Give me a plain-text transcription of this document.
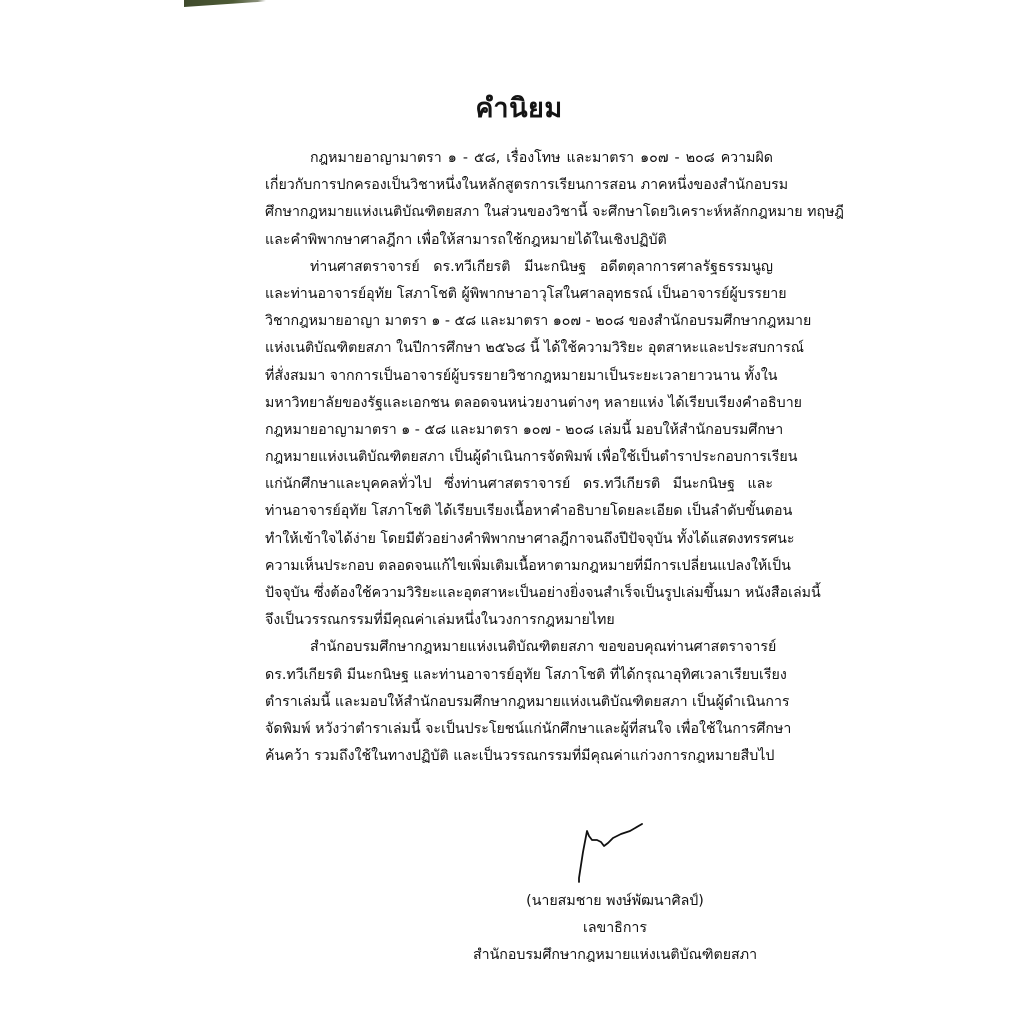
คำนิยม
กฎหมายอาญามาตรา ๑ - ๕๘, เรื่องโทษ และมาตรา ๑๐๗ - ๒๐๘ ความผิด
เกี่ยวกับการปกครองเป็นวิชาหนึ่งในหลักสูตรการเรียนการสอน ภาคหนึ่งของสำนักอบรม
ศึกษากฎหมายแห่งเนติบัณฑิตยสภา ในส่วนของวิชานี้ จะศึกษาโดยวิเคราะห์หลักกฎหมาย ทฤษฎี
และคำพิพากษาศาลฎีกา เพื่อให้สามารถใช้กฎหมายได้ในเชิงปฏิบัติ
ท่านศาสตราจารย์ ดร.ทวีเกียรติ มีนะกนิษฐ อดีตตุลาการศาลรัฐธรรมนูญ
และท่านอาจารย์อุทัย โสภาโชติ ผู้พิพากษาอาวุโสในศาลอุทธรณ์ เป็นอาจารย์ผู้บรรยาย
วิชากฎหมายอาญา มาตรา ๑ - ๕๘ และมาตรา ๑๐๗ - ๒๐๘ ของสำนักอบรมศึกษากฎหมาย
แห่งเนติบัณฑิตยสภา ในปีการศึกษา ๒๕๖๘ นี้ ได้ใช้ความวิริยะ อุตสาหะและประสบการณ์
ที่สั่งสมมา จากการเป็นอาจารย์ผู้บรรยายวิชากฎหมายมาเป็นระยะเวลายาวนาน ทั้งใน
มหาวิทยาลัยของรัฐและเอกชน ตลอดจนหน่วยงานต่างๆ หลายแห่ง ได้เรียบเรียงคำอธิบาย
กฎหมายอาญามาตรา ๑ - ๕๘ และมาตรา ๑๐๗ - ๒๐๘ เล่มนี้ มอบให้สำนักอบรมศึกษา
กฎหมายแห่งเนติบัณฑิตยสภา เป็นผู้ดำเนินการจัดพิมพ์ เพื่อใช้เป็นตำราประกอบการเรียน
แก่นักศึกษาและบุคคลทั่วไป ซึ่งท่านศาสตราจารย์ ดร.ทวีเกียรติ มีนะกนิษฐ และ
ท่านอาจารย์อุทัย โสภาโชติ ได้เรียบเรียงเนื้อหาคำอธิบายโดยละเอียด เป็นลำดับขั้นตอน
ทำให้เข้าใจได้ง่าย โดยมีตัวอย่างคำพิพากษาศาลฎีกาจนถึงปีปัจจุบัน ทั้งได้แสดงทรรศนะ
ความเห็นประกอบ ตลอดจนแก้ไขเพิ่มเติมเนื้อหาตามกฎหมายที่มีการเปลี่ยนแปลงให้เป็น
ปัจจุบัน ซึ่งต้องใช้ความวิริยะและอุตสาหะเป็นอย่างยิ่งจนสำเร็จเป็นรูปเล่มขึ้นมา หนังสือเล่มนี้
จึงเป็นวรรณกรรมที่มีคุณค่าเล่มหนึ่งในวงการกฎหมายไทย
สำนักอบรมศึกษากฎหมายแห่งเนติบัณฑิตยสภา ขอขอบคุณท่านศาสตราจารย์
ดร.ทวีเกียรติ มีนะกนิษฐ และท่านอาจารย์อุทัย โสภาโชติ ที่ได้กรุณาอุทิศเวลาเรียบเรียง
ตำราเล่มนี้ และมอบให้สำนักอบรมศึกษากฎหมายแห่งเนติบัณฑิตยสภา เป็นผู้ดำเนินการ
จัดพิมพ์ หวังว่าตำราเล่มนี้ จะเป็นประโยชน์แก่นักศึกษาและผู้ที่สนใจ เพื่อใช้ในการศึกษา
ค้นคว้า รวมถึงใช้ในทางปฏิบัติ และเป็นวรรณกรรมที่มีคุณค่าแก่วงการกฎหมายสืบไป
(นายสมชาย พงษ์พัฒนาศิลป์)
เลขาธิการ
สำนักอบรมศึกษากฎหมายแห่งเนติบัณฑิตยสภา
